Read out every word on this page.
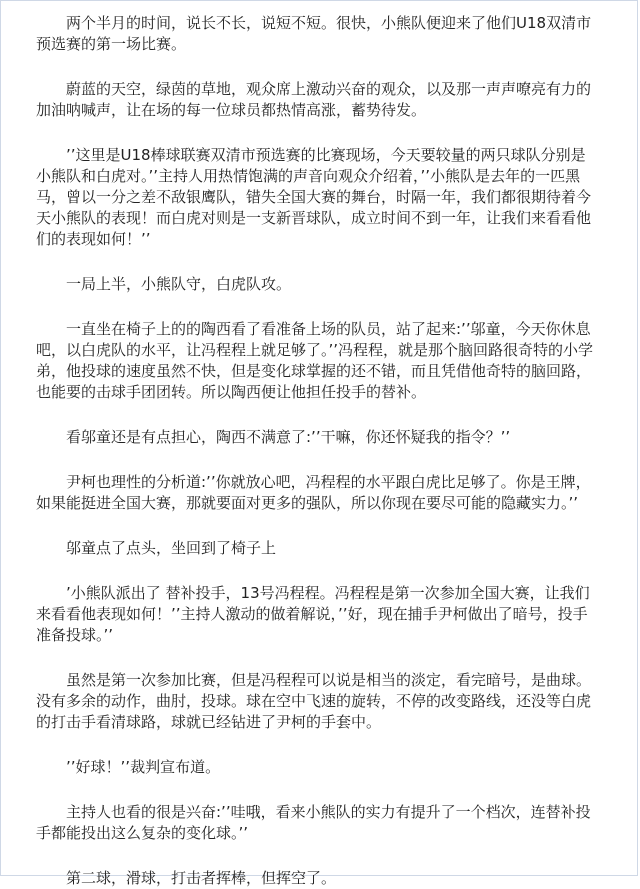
两个半月的时间，说长不长，说短不短。很快，小熊队便迎来了他们U18双清市预选赛的第一场比赛。

蔚蓝的天空，绿茵的草地，观众席上激动兴奋的观众，以及那一声声嘹亮有力的加油呐喊声，让在场的每一位球员都热情高涨，蓄势待发。

’’这里是U18棒球联赛双清市预选赛的比赛现场，今天要较量的两只球队分别是小熊队和白虎对。’’主持人用热情饱满的声音向观众介绍着，’’小熊队是去年的一匹黑马，曾以一分之差不敌银鹰队，错失全国大赛的舞台，时隔一年，我们都很期待着今天小熊队的表现！而白虎对则是一支新晋球队，成立时间不到一年，让我们来看看他们的表现如何！’’

一局上半，小熊队守，白虎队攻。

一直坐在椅子上的的陶西看了看准备上场的队员，站了起来:’’邬童，今天你休息吧，以白虎队的水平，让冯程程上就足够了。’’冯程程，就是那个脑回路很奇特的小学弟，他投球的速度虽然不快，但是变化球掌握的还不错，而且凭借他奇特的脑回路，也能要的击球手团团转。所以陶西便让他担任投手的替补。

看邬童还是有点担心，陶西不满意了:’’干嘛，你还怀疑我的指令？’’

尹柯也理性的分析道:’’你就放心吧，冯程程的水平跟白虎比足够了。你是王牌，如果能挺进全国大赛，那就要面对更多的强队，所以你现在要尽可能的隐藏实力。’’

邬童点了点头，坐回到了椅子上

’小熊队派出了 替补投手，13号冯程程。冯程程是第一次参加全国大赛，让我们来看看他表现如何！’’主持人激动的做着解说，’’好，现在捕手尹柯做出了暗号，投手准备投球。’’

虽然是第一次参加比赛，但是冯程程可以说是相当的淡定，看完暗号，是曲球。没有多余的动作，曲肘，投球。球在空中飞速的旋转，不停的改变路线，还没等白虎的打击手看清球路，球就已经钻进了尹柯的手套中。

’’好球！’’裁判宣布道。

主持人也看的很是兴奋:’’哇哦，看来小熊队的实力有提升了一个档次，连替补投手都能投出这么复杂的变化球。’’

第二球，滑球，打击者挥棒，但挥空了。
